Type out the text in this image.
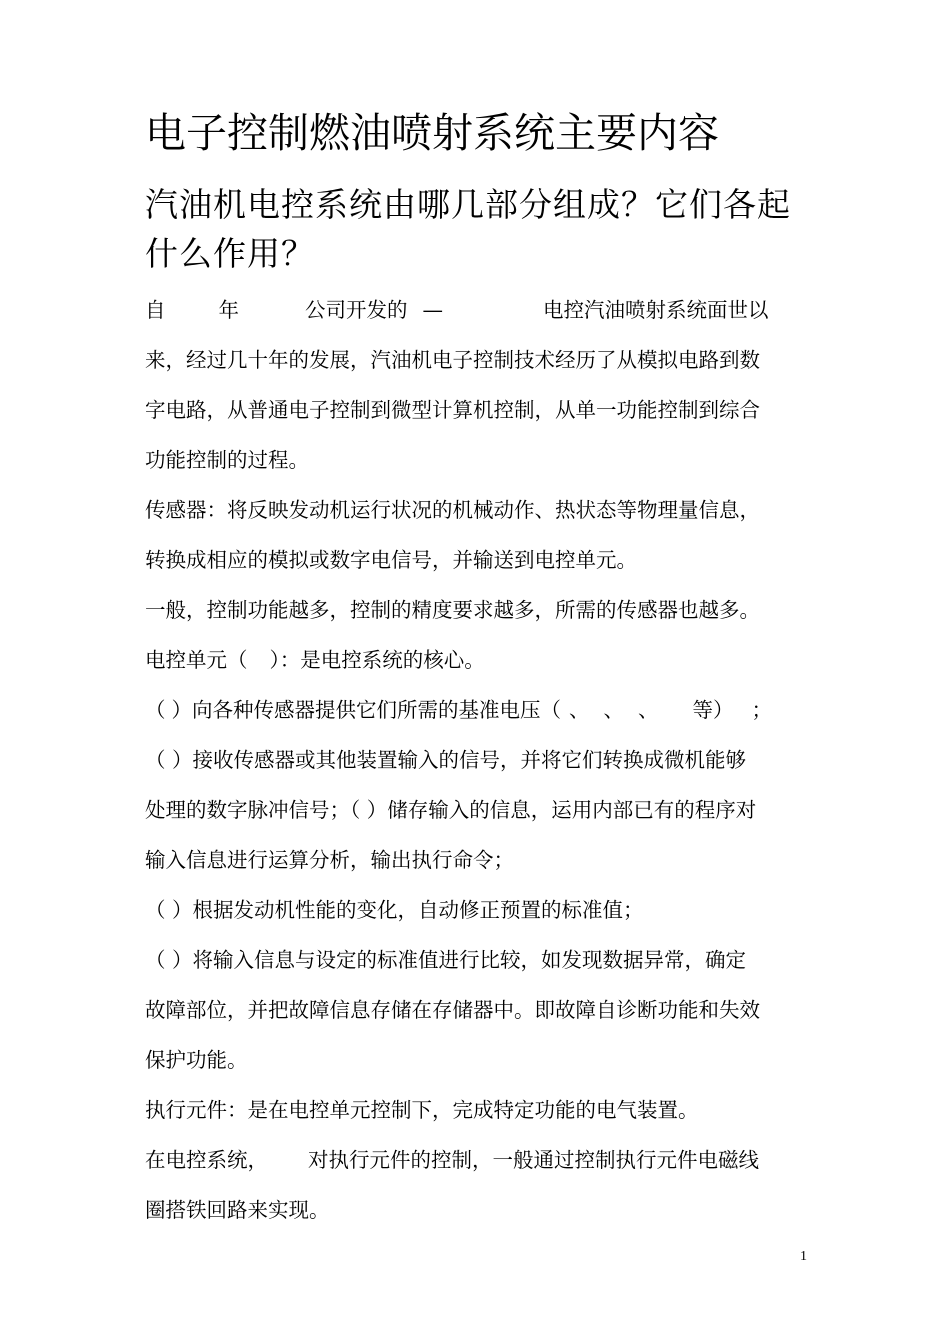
电子控制燃油喷射系统主要内容
汽油机电控系统由哪几部分组成？它们各起什么作用？
自	年	公司开发的 —	电控汽油喷射系统面世以
来，经过几十年的发展，汽油机电子控制技术经历了从模拟电路到数
字电路，从普通电子控制到微型计算机控制，从单一功能控制到综合
功能控制的过程。
传感器：将反映发动机运行状况的机械动作、热状态等物理量信息，
转换成相应的模拟或数字电信号，并输送到电控单元。
一般，控制功能越多，控制的精度要求越多，所需的传感器也越多。
电控单元（ ）：是电控系统的核心。
（ ）向各种传感器提供它们所需的基准电压（ 、 、 、 等） ；
（ ）接收传感器或其他装置输入的信号，并将它们转换成微机能够
处理的数字脉冲信号；（ ）储存输入的信息，运用内部已有的程序对
输入信息进行运算分析，输出执行命令；
（ ）根据发动机性能的变化，自动修正预置的标准值；
（ ）将输入信息与设定的标准值进行比较，如发现数据异常，确定
故障部位，并把故障信息存储在存储器中。即故障自诊断功能和失效
保护功能。
执行元件：是在电控单元控制下，完成特定功能的电气装置。
在电控系统， 对执行元件的控制，一般通过控制执行元件电磁线
圈搭铁回路来实现。
1
